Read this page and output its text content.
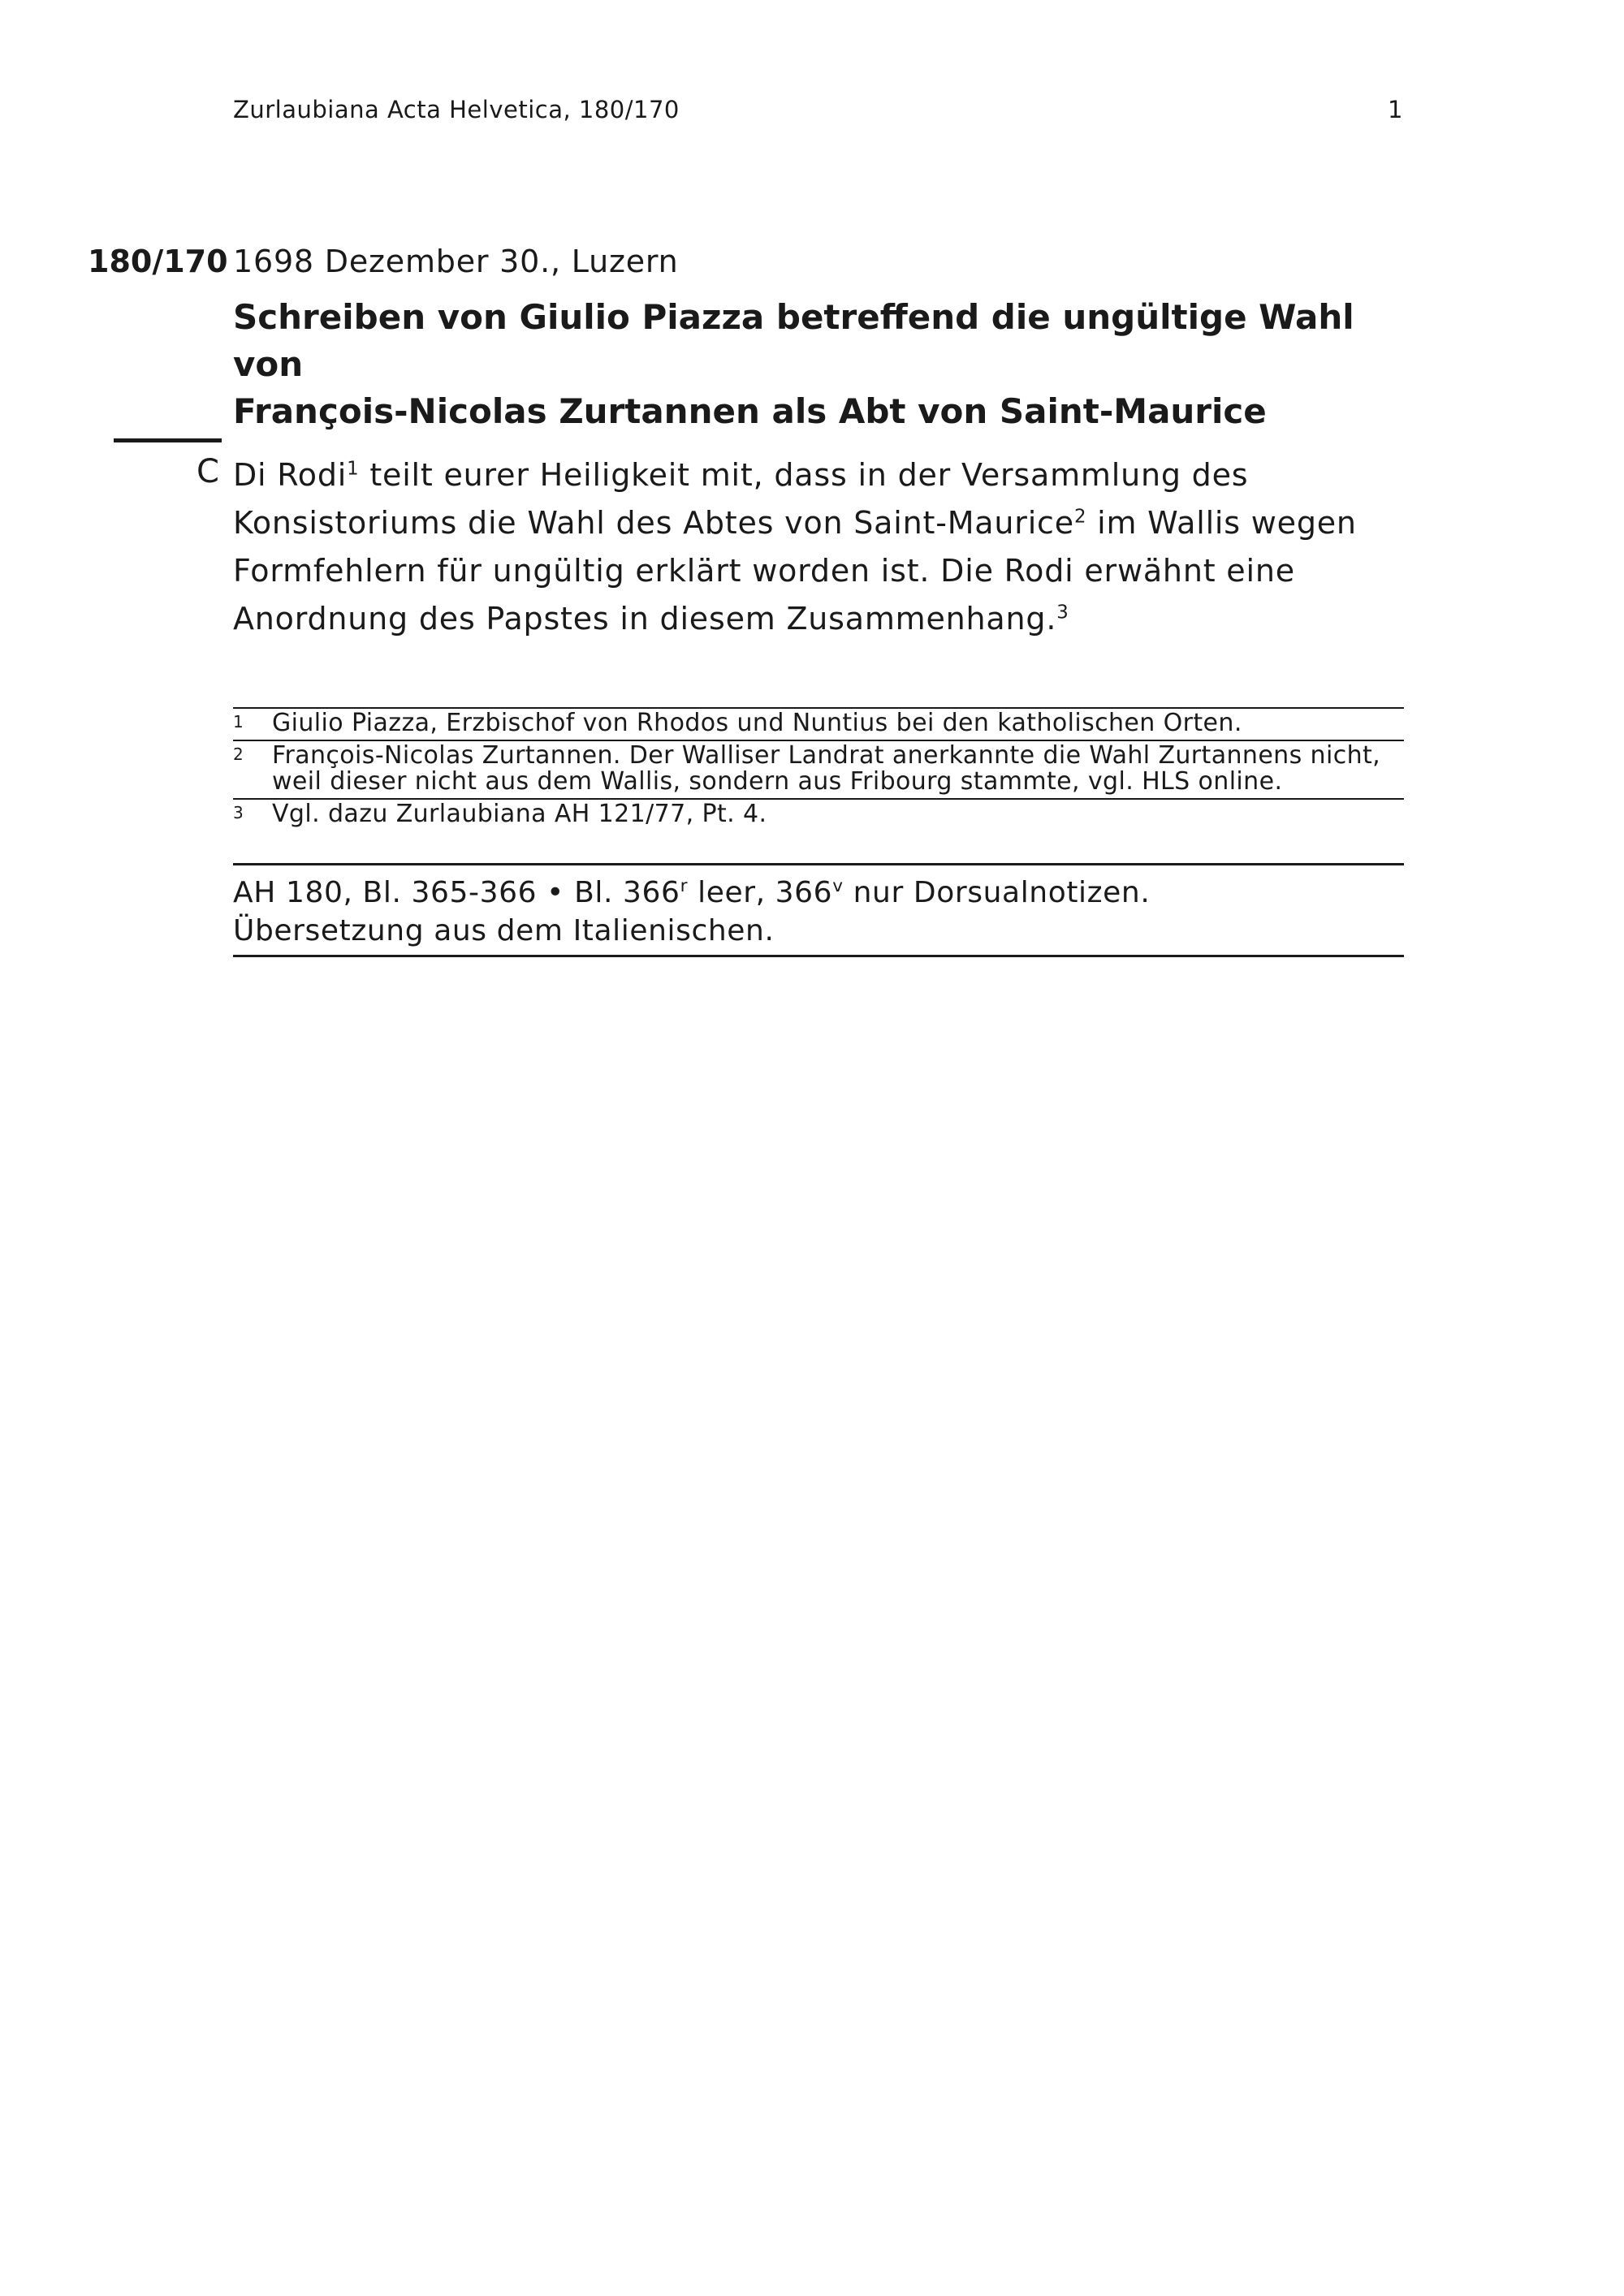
Zurlaubiana Acta Helvetica, 180/170	1
180/170 1698 Dezember 30., Luzern
Schreiben von Giulio Piazza betreffend die ungültige Wahl von
François-Nicolas Zurtannen als Abt von Saint-Maurice
C Di Rodi$^1$ teilt eurer Heiligkeit mit, dass in der Versammlung des Konsistoriums die Wahl des Abtes von Saint-Maurice$^2$ im Wallis wegen Formfehlern für ungültig erklärt worden ist. Die Rodi erwähnt eine Anordnung des Papstes in diesem Zusammenhang.$^3$
1 Giulio Piazza, Erzbischof von Rhodos und Nuntius bei den katholischen Orten.
2 François-Nicolas Zurtannen. Der Walliser Landrat anerkannte die Wahl Zurtannens nicht, weil dieser nicht aus dem Wallis, sondern aus Fribourg stammte, vgl. HLS online.
3 Vgl. dazu Zurlaubiana AH 121/77, Pt. 4.
AH 180, Bl. 365-366 • Bl. 366$^r$ leer, 366$^v$ nur Dorsualnotizen.
Übersetzung aus dem Italienischen.
